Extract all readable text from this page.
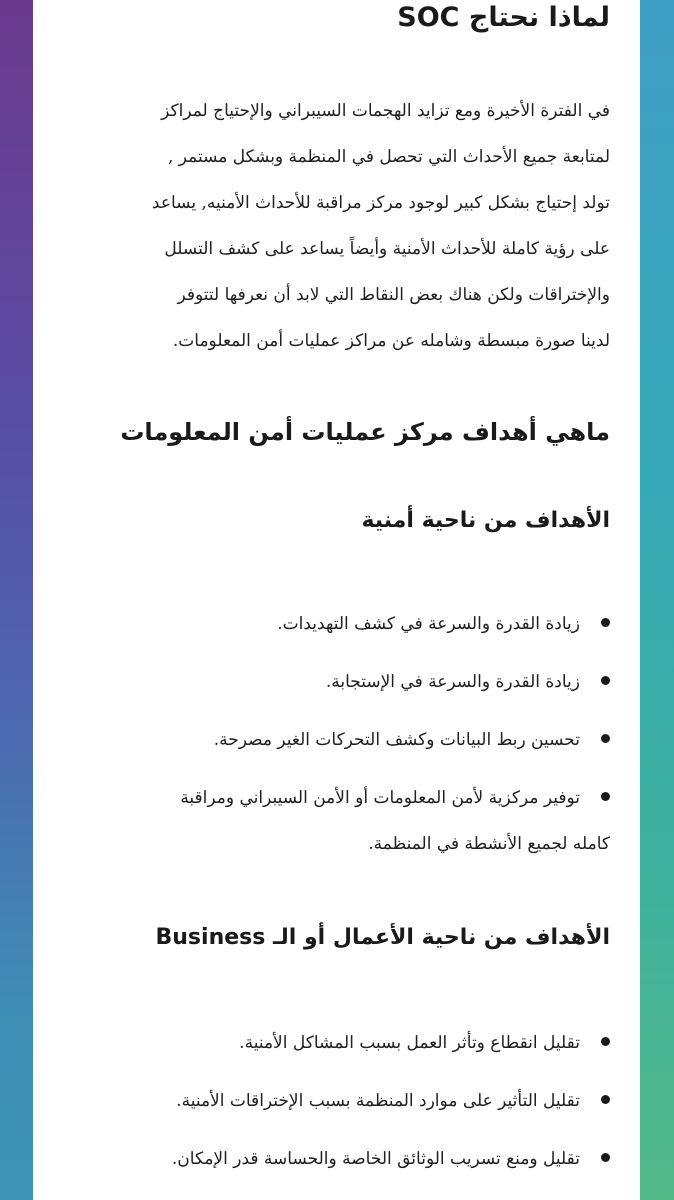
لماذا نحتاج SOC

في الفترة الأخيرة ومع تزايد الهجمات السيبراني والإحتياج لمراكز
لمتابعة جميع الأحداث التي تحصل في المنظمة وبشكل مستمر ,
تولد إحتياج بشكل كبير لوجود مركز مراقبة للأحداث الأمنيه, يساعد
على رؤية كاملة للأحداث الأمنية وأيضاً يساعد على كشف التسلل
والإختراقات ولكن هناك بعض النقاط التي لابد أن نعرفها لتتوفر
لدينا صورة مبسطة وشامله عن مراكز عمليات أمن المعلومات.

ماهي أهداف مركز عمليات أمن المعلومات
الأهداف من ناحية أمنية
زيادة القدرة والسرعة في كشف التهديدات.
زيادة القدرة والسرعة في الإستجابة.
تحسين ربط البيانات وكشف التحركات الغير مصرحة.
توفير مركزية لأمن المعلومات أو الأمن السيبراني ومراقبة
كامله لجميع الأنشطة في المنظمة.
الأهداف من ناحية الأعمال أو الـ Business
تقليل انقطاع وتأثر العمل بسبب المشاكل الأمنية.
تقليل التأثير على موارد المنظمة بسبب الإختراقات الأمنية.
تقليل ومنع تسريب الوثائق الخاصة والحساسة قدر الإمكان.
